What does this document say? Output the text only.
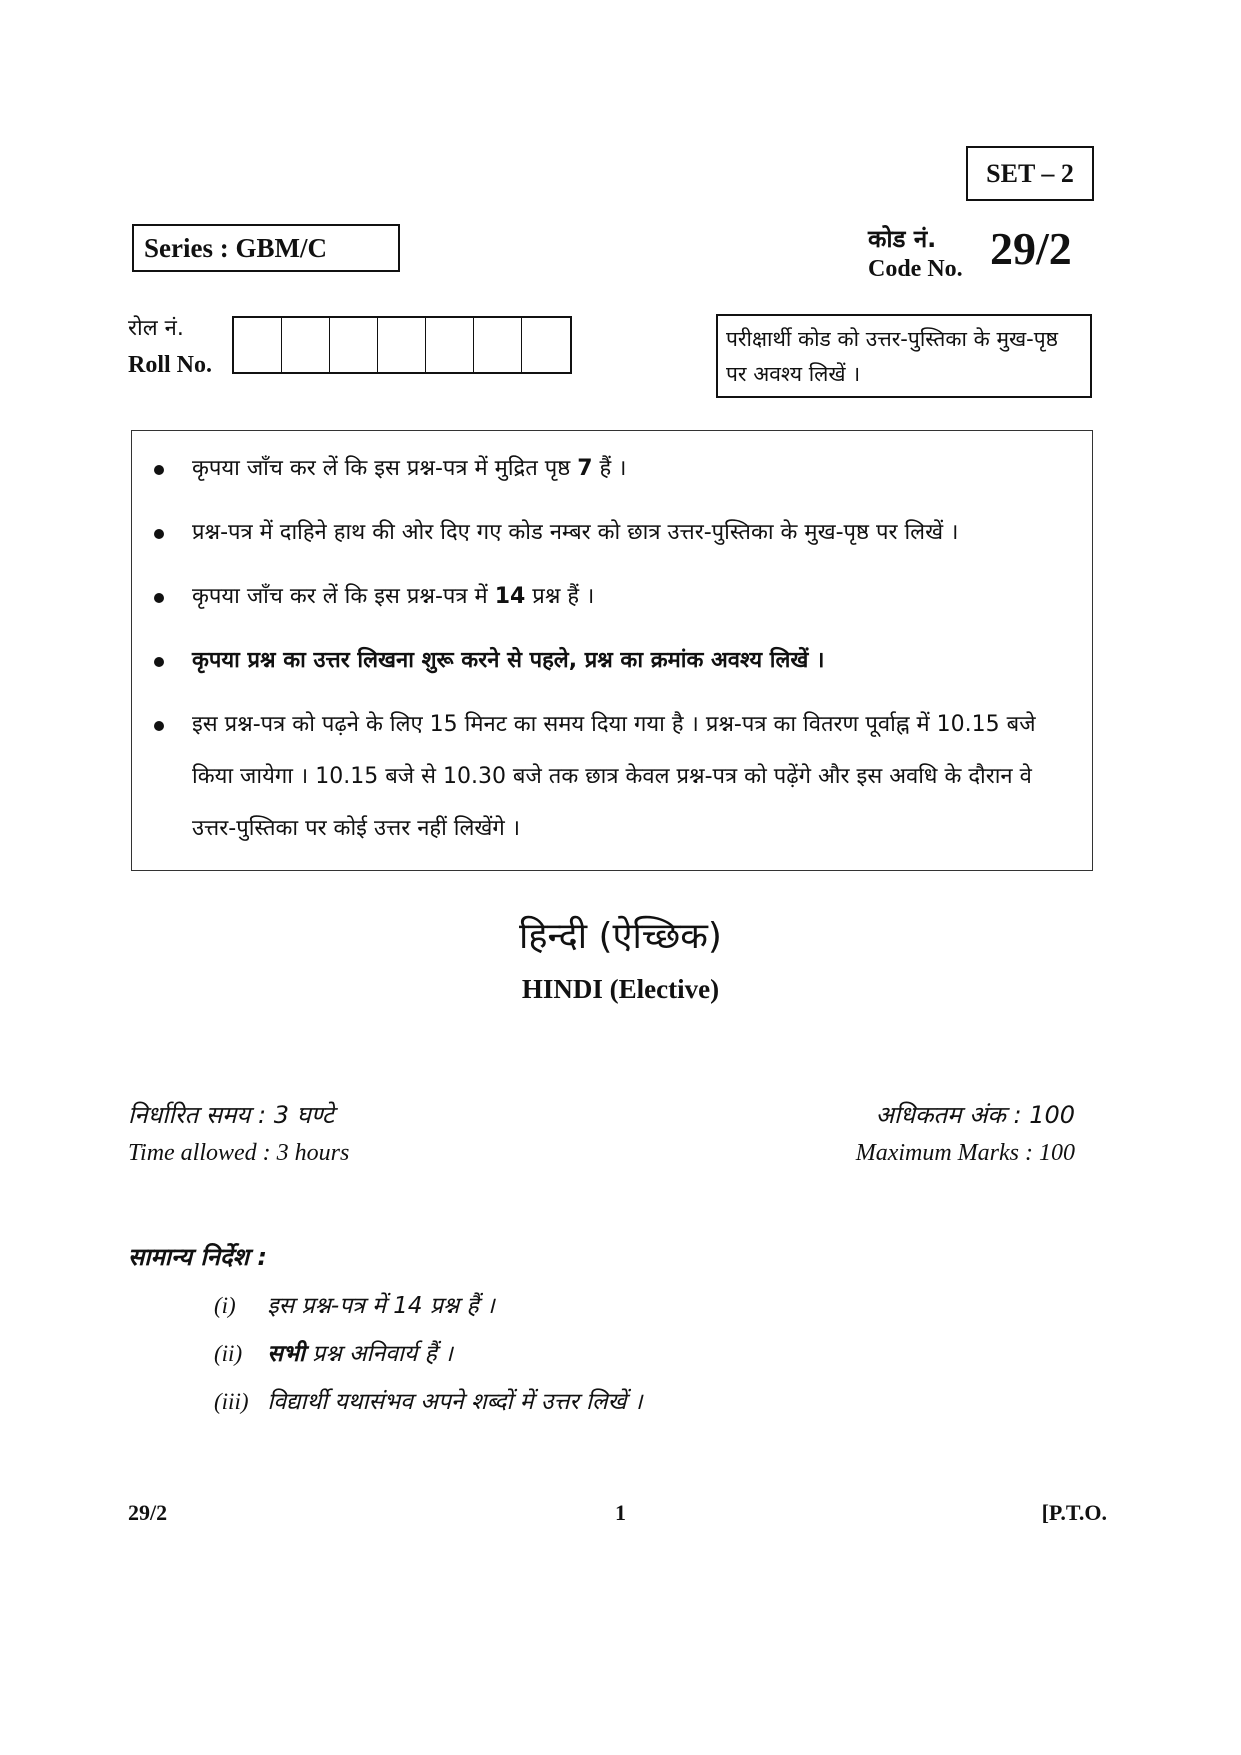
SET – 2
Series : GBM/C	कोड नं.
Code No. 29/2
रोल नं.
Roll No.
परीक्षार्थी कोड को उत्तर-पुस्तिका के मुख-पृष्ठ पर अवश्य लिखें ।
कृपया जाँच कर लें कि इस प्रश्न-पत्र में मुद्रित पृष्ठ 7 हैं ।
प्रश्न-पत्र में दाहिने हाथ की ओर दिए गए कोड नम्बर को छात्र उत्तर-पुस्तिका के मुख-पृष्ठ पर लिखें ।
कृपया जाँच कर लें कि इस प्रश्न-पत्र में 14 प्रश्न हैं ।
कृपया प्रश्न का उत्तर लिखना शुरू करने से पहले, प्रश्न का क्रमांक अवश्य लिखें ।
इस प्रश्न-पत्र को पढ़ने के लिए 15 मिनट का समय दिया गया है । प्रश्न-पत्र का वितरण पूर्वाह्न में 10.15 बजे किया जायेगा । 10.15 बजे से 10.30 बजे तक छात्र केवल प्रश्न-पत्र को पढ़ेंगे और इस अवधि के दौरान वे उत्तर-पुस्तिका पर कोई उत्तर नहीं लिखेंगे ।
हिन्दी (ऐच्छिक)
HINDI (Elective)
निर्धारित समय : 3 घण्टे
Time allowed : 3 hours
अधिकतम अंक : 100
Maximum Marks : 100
सामान्य निर्देश :
(i) इस प्रश्न-पत्र में 14 प्रश्न हैं ।
(ii) सभी प्रश्न अनिवार्य हैं ।
(iii) विद्यार्थी यथासंभव अपने शब्दों में उत्तर लिखें ।
29/2	1	[P.T.O.
